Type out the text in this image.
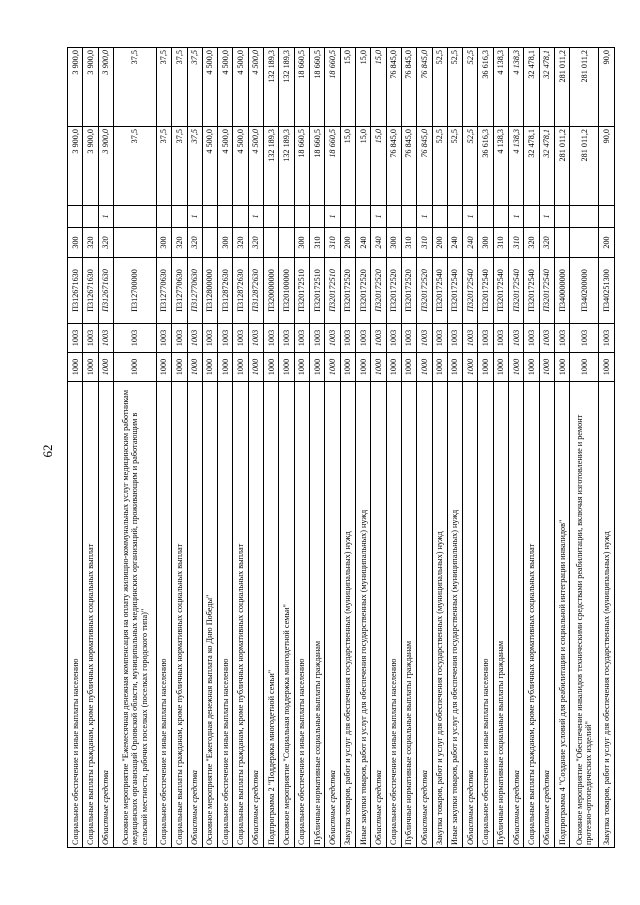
62
Социальное обеспечение и иные выплаты населению	1000	1003	П312671630	300		3 900,0	3 900,0
Социальные выплаты гражданам, кроме публичных нормативных социальных выплат	1000	1003	П312671630	320		3 900,0	3 900,0
Областные средства	1000	1003	П312671630	320	1	3 900,0	3 900,0
Основное мероприятие "Ежемесячная денежная компенсация на оплату жилищно-коммунальных услуг медицинским работникам медицинских организаций Орловской области, муниципальных медицинских организаций, проживающим и работающим в сельской местности, рабочих поселках (поселках городского типа)"	1000	1003	П312700000			37,5	37,5
Социальное обеспечение и иные выплаты населению	1000	1003	П312770630	300		37,5	37,5
Социальные выплаты гражданам, кроме публичных нормативных социальных выплат	1000	1003	П312770630	320		37,5	37,5
Областные средства	1000	1003	П312770630	320	1	37,5	37,5
Основное мероприятие "Ежегодная денежная выплата ко Дню Победы"	1000	1003	П312800000			4 500,0	4 500,0
Социальное обеспечение и иные выплаты населению	1000	1003	П312872630	300		4 500,0	4 500,0
Социальные выплаты гражданам, кроме публичных нормативных социальных выплат	1000	1003	П312872630	320		4 500,0	4 500,0
Областные средства	1000	1003	П312872630	320	1	4 500,0	4 500,0
Подпрограмма 2 "Поддержка многодетной семьи"	1000	1003	П320000000			132 189,3	132 189,3
Основное мероприятие "Социальная поддержка многодетной семьи"	1000	1003	П320100000			132 189,3	132 189,3
Социальное обеспечение и иные выплаты населению	1000	1003	П320172510	300		18 660,5	18 660,5
Публичные нормативные социальные выплаты гражданам	1000	1003	П320172510	310		18 660,5	18 660,5
Областные средства	1000	1003	П320172510	310	1	18 660,5	18 660,5
Закупка товаров, работ и услуг для обеспечения государственных (муниципальных) нужд	1000	1003	П320172520	200		15,0	15,0
Иные закупки товаров, работ и услуг для обеспечения государственных (муниципальных) нужд	1000	1003	П320172520	240		15,0	15,0
Областные средства	1000	1003	П320172520	240	1	15,0	15,0
Социальное обеспечение и иные выплаты населению	1000	1003	П320172520	300		76 845,0	76 845,0
Публичные нормативные социальные выплаты гражданам	1000	1003	П320172520	310		76 845,0	76 845,0
Областные средства	1000	1003	П320172520	310	1	76 845,0	76 845,0
Закупка товаров, работ и услуг для обеспечения государственных (муниципальных) нужд	1000	1003	П320172540	200		52,5	52,5
Иные закупки товаров, работ и услуг для обеспечения государственных (муниципальных) нужд	1000	1003	П320172540	240		52,5	52,5
Областные средства	1000	1003	П320172540	240	1	52,5	52,5
Социальное обеспечение и иные выплаты населению	1000	1003	П320172540	300		36 616,3	36 616,3
Публичные нормативные социальные выплаты гражданам	1000	1003	П320172540	310		4 138,3	4 138,3
Областные средства	1000	1003	П320172540	310	1	4 138,3	4 138,3
Социальные выплаты гражданам, кроме публичных нормативных социальных выплат	1000	1003	П320172540	320		32 478,1	32 478,1
Областные средства	1000	1003	П320172540	320	1	32 478,1	32 478,1
Подпрограмма 4 "Создание условий для реабилитации и социальной интеграции инвалидов"	1000	1003	П340000000			281 011,2	281 011,2
Основное мероприятие "Обеспечение инвалидов техническими средствами реабилитации, включая изготовление и ремонт протезно-ортопедических изделий"	1000	1003	П340200000			281 011,2	281 011,2
Закупка товаров, работ и услуг для обеспечения государственных (муниципальных) нужд	1000	1003	П340251300	200		90,0	90,0
